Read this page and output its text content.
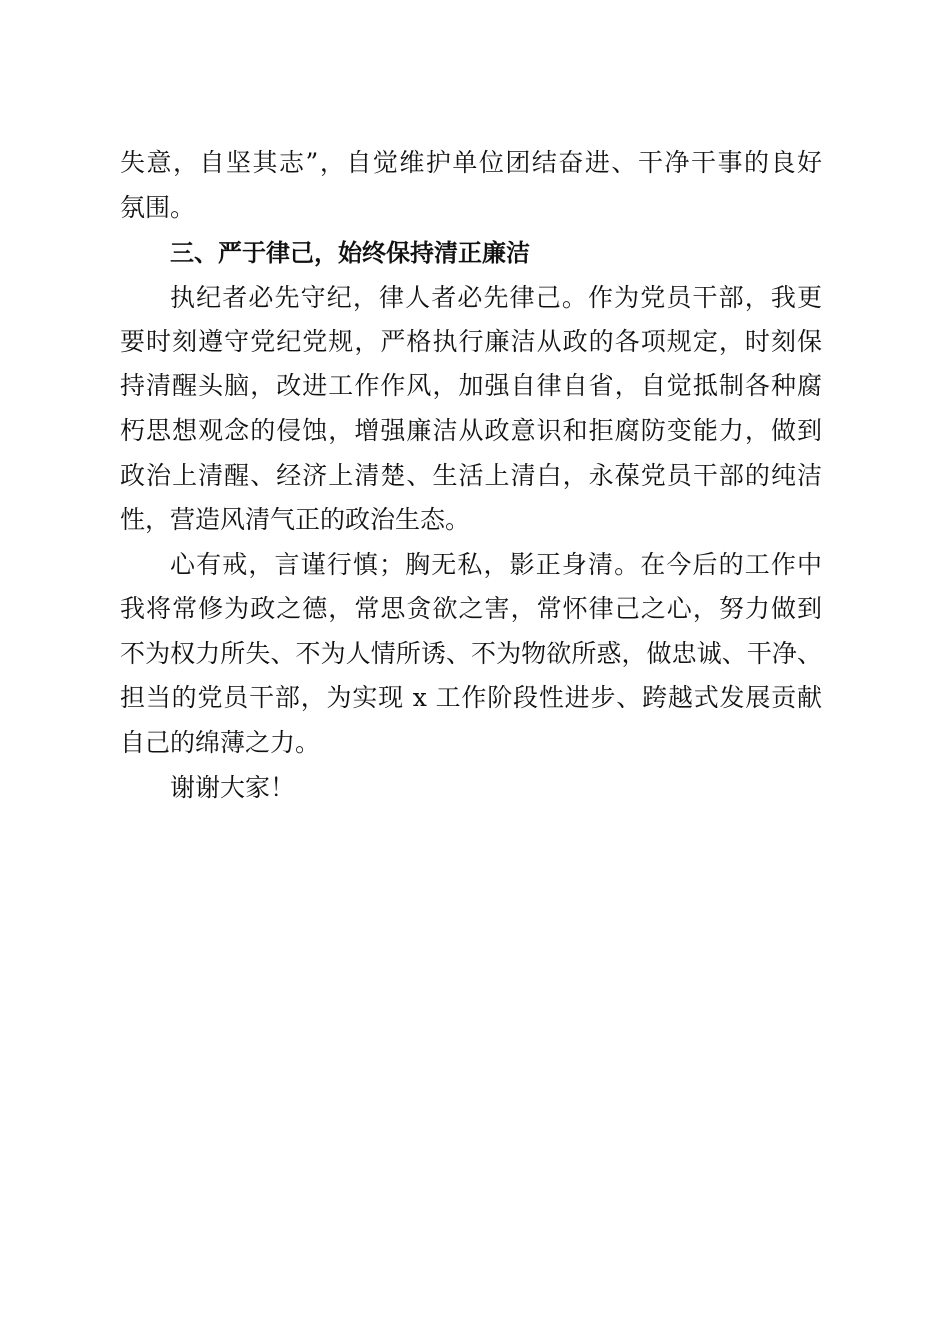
失意，自坚其志”，自觉维护单位团结奋进、干净干事的良好
氛围。
三、严于律己，始终保持清正廉洁
执纪者必先守纪，律人者必先律己。作为党员干部，我更
要时刻遵守党纪党规，严格执行廉洁从政的各项规定，时刻保
持清醒头脑，改进工作作风，加强自律自省，自觉抵制各种腐
朽思想观念的侵蚀，增强廉洁从政意识和拒腐防变能力，做到
政治上清醒、经济上清楚、生活上清白，永葆党员干部的纯洁
性，营造风清气正的政治生态。
心有戒，言谨行慎；胸无私，影正身清。在今后的工作中
我将常修为政之德，常思贪欲之害，常怀律己之心，努力做到
不为权力所失、不为人情所诱、不为物欲所惑，做忠诚、干净、
担当的党员干部，为实现 x 工作阶段性进步、跨越式发展贡献
自己的绵薄之力。
谢谢大家！
